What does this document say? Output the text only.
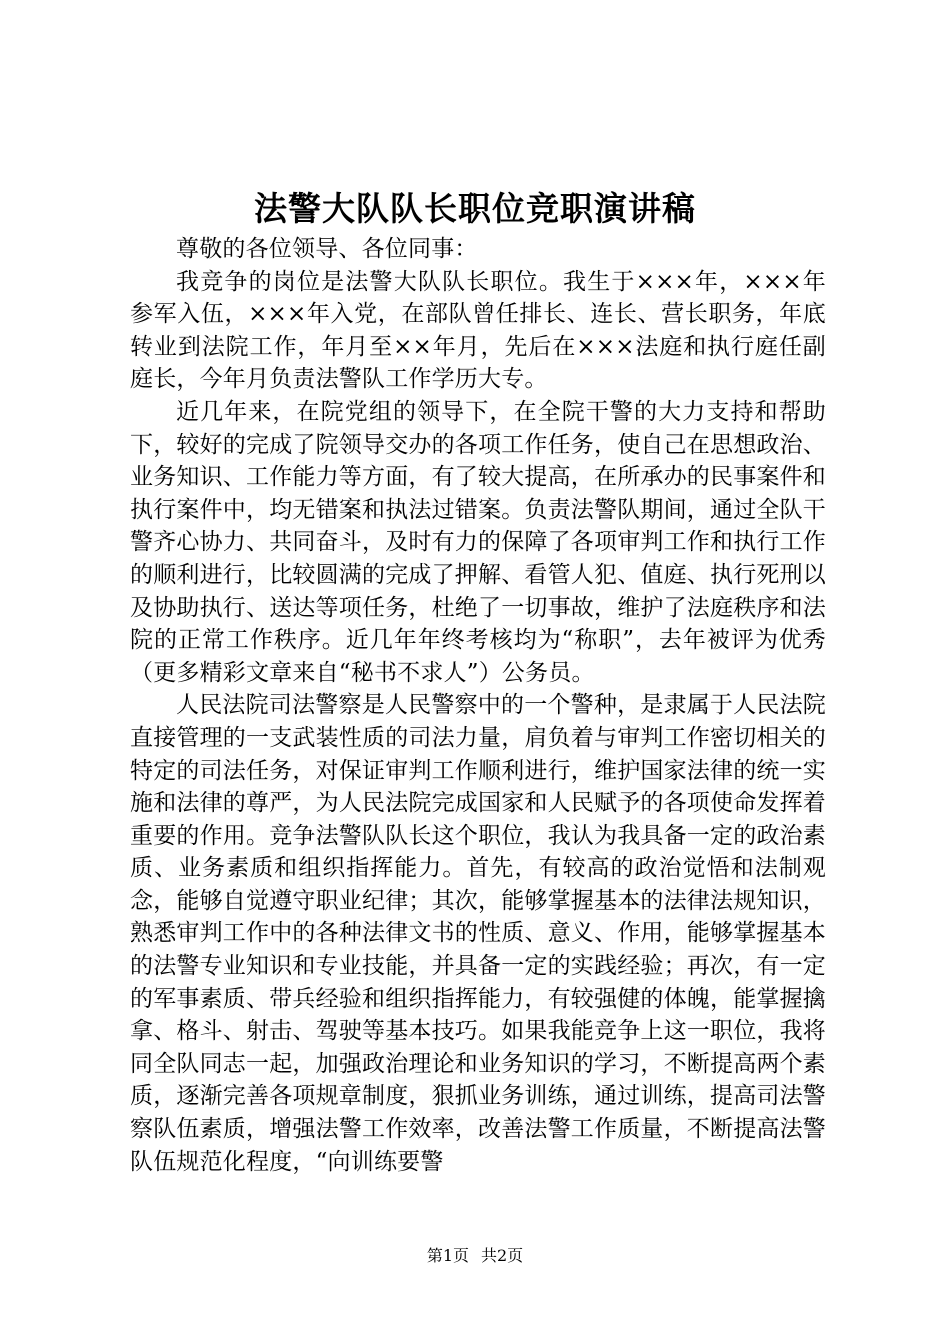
法警大队队长职位竞职演讲稿

尊敬的各位领导、各位同事：

我竞争的岗位是法警大队队长职位。我生于×××年，×××年参军入伍，×××年入党，在部队曾任排长、连长、营长职务，年底转业到法院工作，年月至××年月，先后在×××法庭和执行庭任副庭长，今年月负责法警队工作学历大专。

近几年来，在院党组的领导下，在全院干警的大力支持和帮助下，较好的完成了院领导交办的各项工作任务，使自己在思想政治、业务知识、工作能力等方面，有了较大提高，在所承办的民事案件和执行案件中，均无错案和执法过错案。负责法警队期间，通过全队干警齐心协力、共同奋斗，及时有力的保障了各项审判工作和执行工作的顺利进行，比较圆满的完成了押解、看管人犯、值庭、执行死刑以及协助执行、送达等项任务，杜绝了一切事故，维护了法庭秩序和法院的正常工作秩序。近几年年终考核均为“称职”，去年被评为优秀（更多精彩文章来自“秘书不求人”）公务员。

人民法院司法警察是人民警察中的一个警种，是隶属于人民法院直接管理的一支武装性质的司法力量，肩负着与审判工作密切相关的特定的司法任务，对保证审判工作顺利进行，维护国家法律的统一实施和法律的尊严，为人民法院完成国家和人民赋予的各项使命发挥着重要的作用。竞争法警队队长这个职位，我认为我具备一定的政治素质、业务素质和组织指挥能力。首先，有较高的政治觉悟和法制观念，能够自觉遵守职业纪律；其次，能够掌握基本的法律法规知识，熟悉审判工作中的各种法律文书的性质、意义、作用，能够掌握基本的法警专业知识和专业技能，并具备一定的实践经验；再次，有一定的军事素质、带兵经验和组织指挥能力，有较强健的体魄，能掌握擒拿、格斗、射击、驾驶等基本技巧。如果我能竞争上这一职位，我将同全队同志一起，加强政治理论和业务知识的学习，不断提高两个素质，逐渐完善各项规章制度，狠抓业务训练，通过训练，提高司法警察队伍素质，增强法警工作效率，改善法警工作质量，不断提高法警队伍规范化程度，“向训练要警

第1页 共2页
